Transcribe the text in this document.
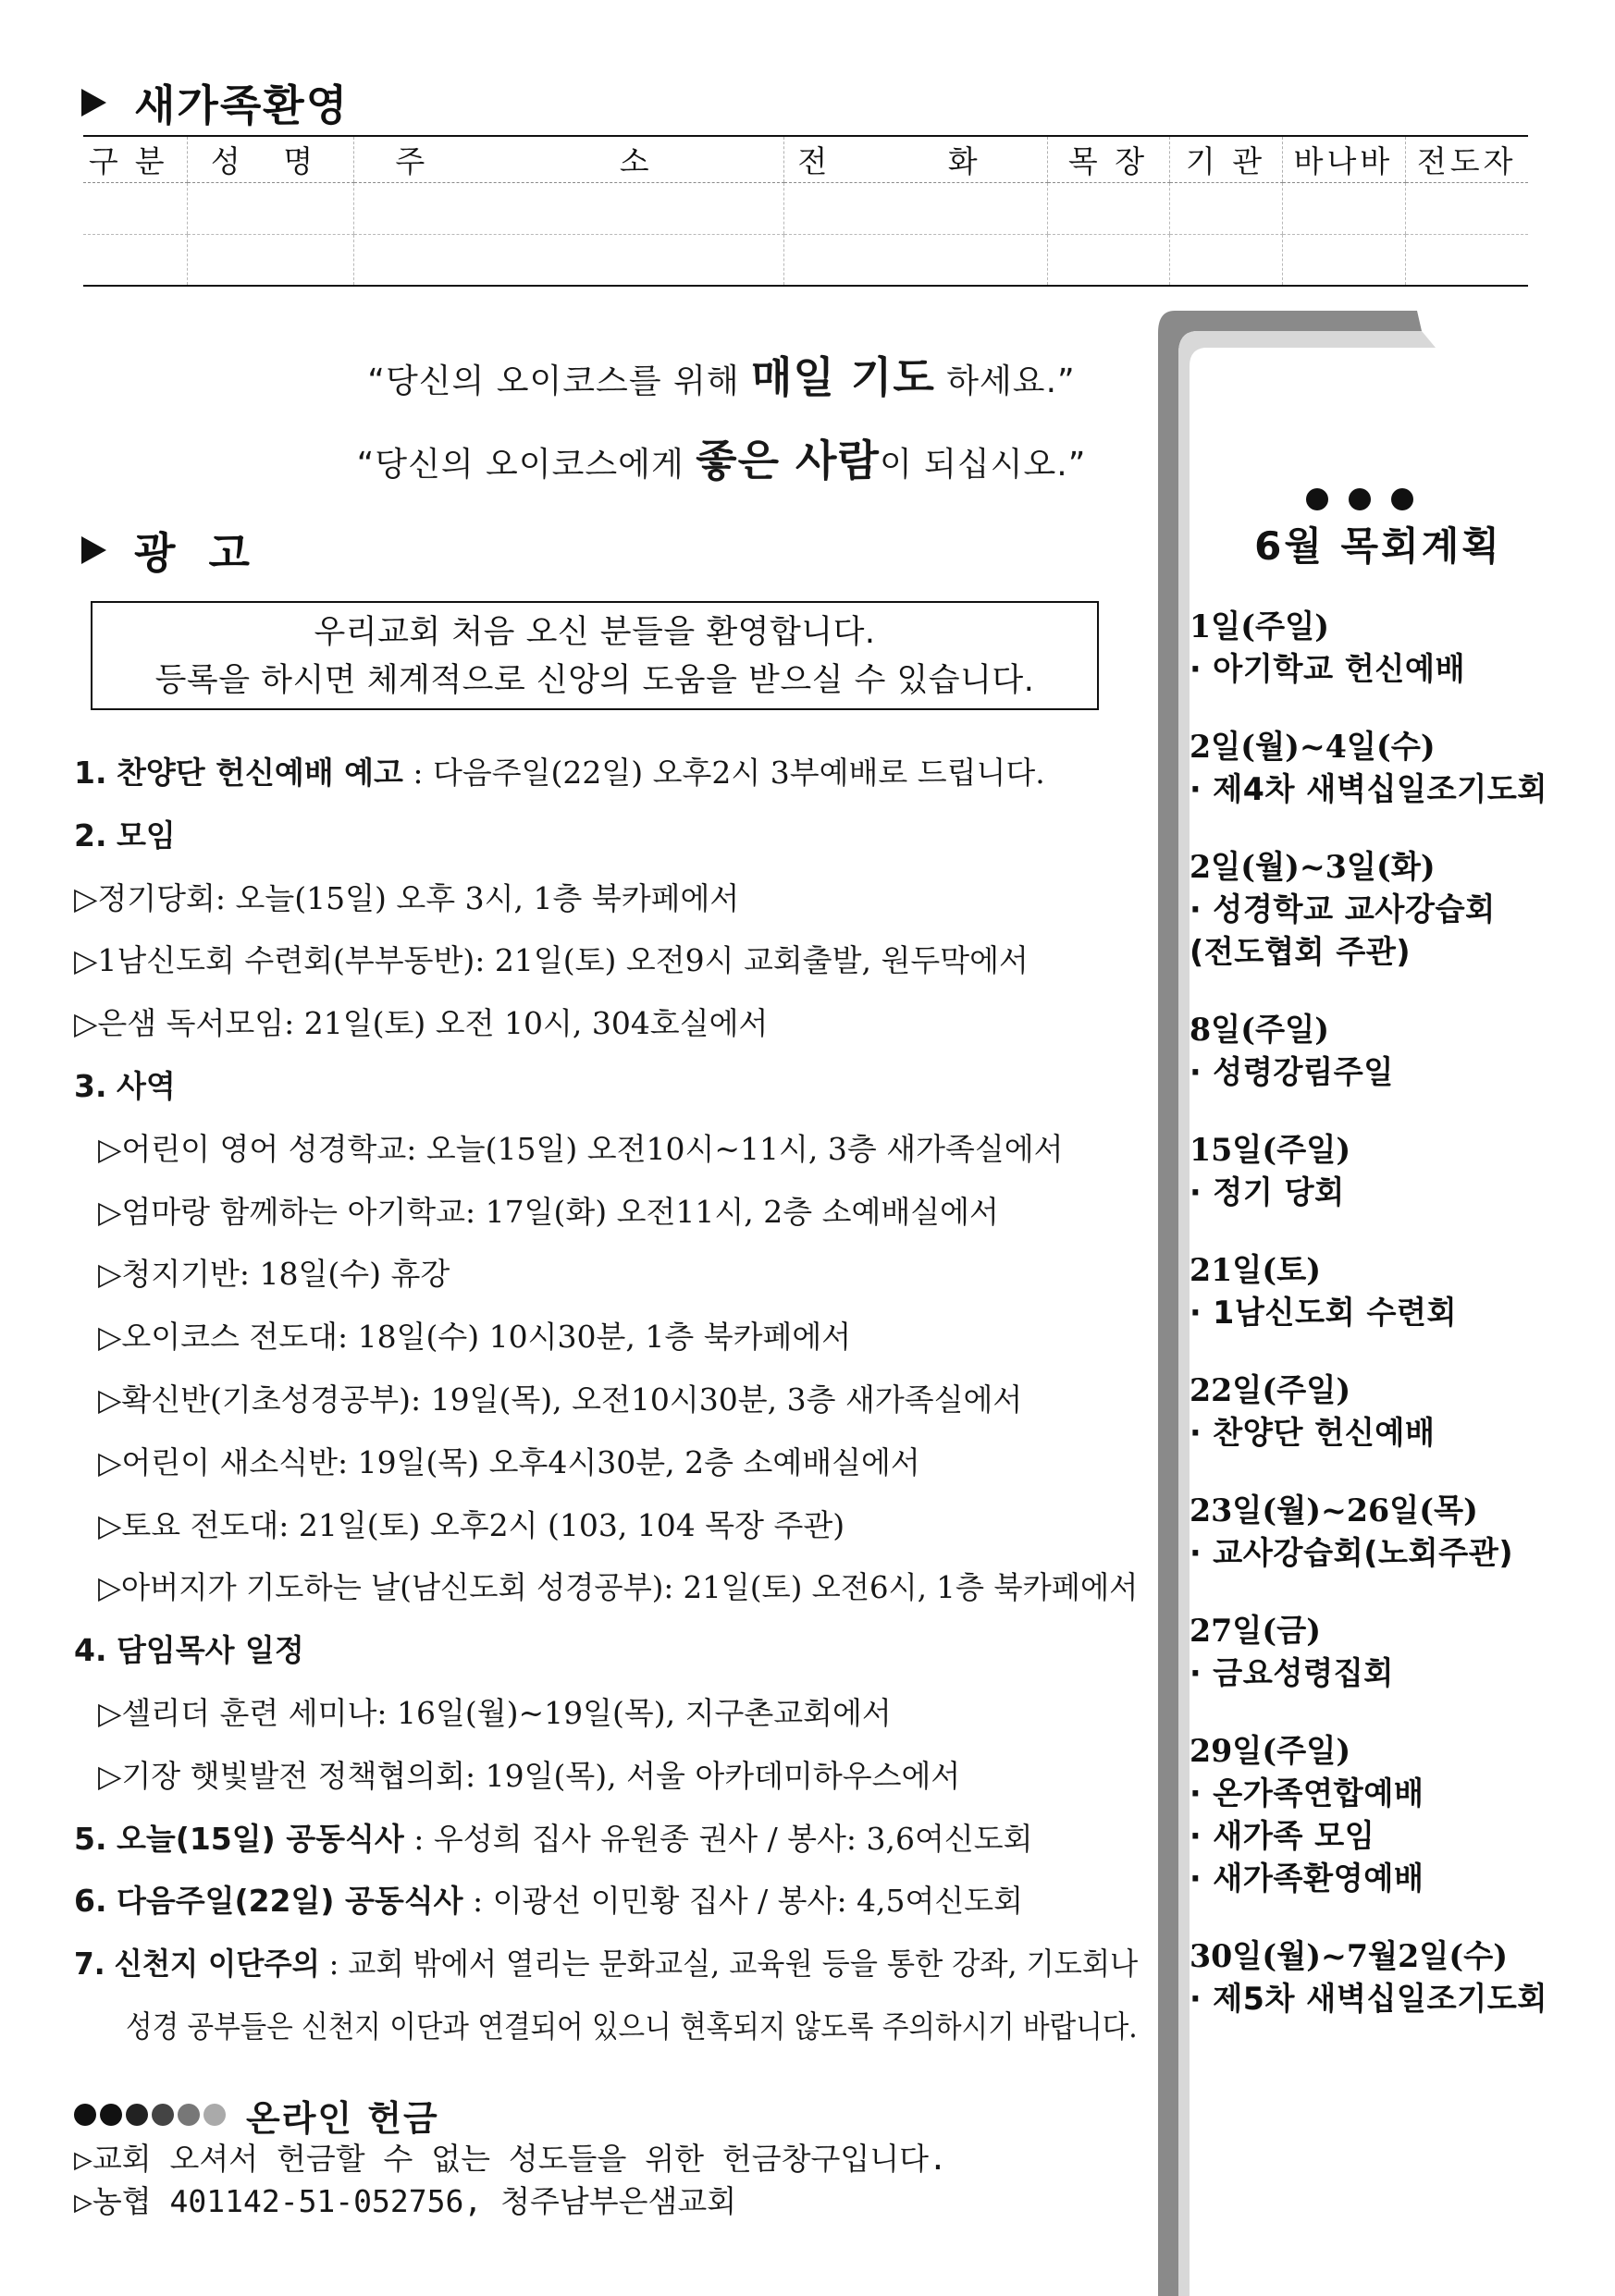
새가족환영
구분	성 명	주 소	전 화	목 장	기 관	바나바	전도자

“당신의 오이코스를 위해 매일 기도 하세요.”
“당신의 오이코스에게 좋은 사람이 되십시오.”
광 고
우리교회 처음 오신 분들을 환영합니다.
등록을 하시면 체계적으로 신앙의 도움을 받으실 수 있습니다.
1. 찬양단 헌신예배 예고 : 다음주일(22일) 오후2시 3부예배로 드립니다.
2. 모임
▷정기당회: 오늘(15일) 오후 3시, 1층 북카페에서
▷1남신도회 수련회(부부동반): 21일(토) 오전9시 교회출발, 원두막에서
▷은샘 독서모임: 21일(토) 오전 10시, 304호실에서
3. 사역
▷어린이 영어 성경학교: 오늘(15일) 오전10시~11시, 3층 새가족실에서
▷엄마랑 함께하는 아기학교: 17일(화) 오전11시, 2층 소예배실에서
▷청지기반: 18일(수) 휴강
▷오이코스 전도대: 18일(수) 10시30분, 1층 북카페에서
▷확신반(기초성경공부): 19일(목), 오전10시30분, 3층 새가족실에서
▷어린이 새소식반: 19일(목) 오후4시30분, 2층 소예배실에서
▷토요 전도대: 21일(토) 오후2시 (103, 104 목장 주관)
▷아버지가 기도하는 날(남신도회 성경공부): 21일(토) 오전6시, 1층 북카페에서
4. 담임목사 일정
▷셀리더 훈련 세미나: 16일(월)~19일(목), 지구촌교회에서
▷기장 햇빛발전 정책협의회: 19일(목), 서울 아카데미하우스에서
5. 오늘(15일) 공동식사 : 우성희 집사 유원종 권사 / 봉사: 3,6여신도회
6. 다음주일(22일) 공동식사 : 이광선 이민황 집사 / 봉사: 4,5여신도회
7. 신천지 이단주의 : 교회 밖에서 열리는 문화교실, 교육원 등을 통한 강좌, 기도회나
성경 공부들은 신천지 이단과 연결되어 있으니 현혹되지 않도록 주의하시기 바랍니다.
온라인 헌금
▷교회 오셔서 헌금할 수 없는 성도들을 위한 헌금창구입니다.
▷농협 401142-51-052756, 청주남부은샘교회
6월 목회계획
1일(주일)
· 아기학교 헌신예배
2일(월)~4일(수)
· 제4차 새벽십일조기도회
2일(월)~3일(화)
· 성경학교 교사강습회
(전도협회 주관)
8일(주일)
· 성령강림주일
15일(주일)
· 정기 당회
21일(토)
· 1남신도회 수련회
22일(주일)
· 찬양단 헌신예배
23일(월)~26일(목)
· 교사강습회(노회주관)
27일(금)
· 금요성령집회
29일(주일)
· 온가족연합예배
· 새가족 모임
· 새가족환영예배
30일(월)~7월2일(수)
· 제5차 새벽십일조기도회
